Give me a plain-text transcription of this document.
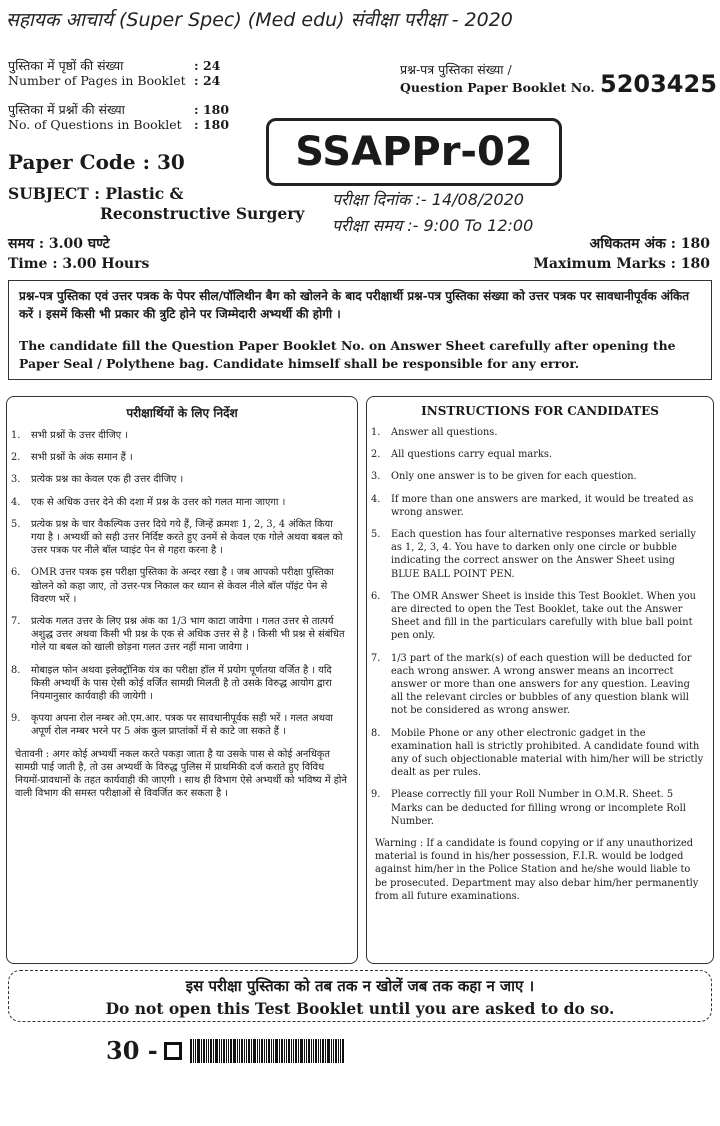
सहायक आचार्य (Super Spec) (Med edu) संवीक्षा परीक्षा - 2020
पुस्तिका में पृष्ठों की संख्या	: 24
Number of Pages in Booklet : 24
पुस्तिका में प्रश्नों की संख्या	: 180
No. of Questions in Booklet : 180
प्रश्न-पत्र पुस्तिका संख्या /
Question Paper Booklet No. 5203425
Paper Code : 30	SSAPPr-02
SUBJECT : Plastic &
Reconstructive Surgery
परीक्षा दिनांक :- 14/08/2020
परीक्षा समय :- 9:00 To 12:00
समय : 3.00 घण्टे
Time : 3.00 Hours
अधिकतम अंक : 180
Maximum Marks : 180

प्रश्न-पत्र पुस्तिका एवं उत्तर पत्रक के पेपर सील/पॉलिथीन बैग को खोलने के बाद परीक्षार्थी प्रश्न-पत्र पुस्तिका संख्या को उत्तर पत्रक पर सावधानीपूर्वक अंकित करें । इसमें किसी भी प्रकार की त्रुटि होने पर जिम्मेदारी अभ्यर्थी की होगी ।

The candidate fill the Question Paper Booklet No. on Answer Sheet carefully after opening the Paper Seal / Polythene bag. Candidate himself shall be responsible for any error.

परीक्षार्थियों के लिए निर्देश
1.	सभी प्रश्नों के उत्तर दीजिए ।
2.	सभी प्रश्नों के अंक समान हैं ।
3.	प्रत्येक प्रश्न का केवल एक ही उत्तर दीजिए ।
4.	एक से अधिक उत्तर देने की दशा में प्रश्न के उत्तर को गलत माना जाएगा ।
5.	प्रत्येक प्रश्न के चार वैकल्पिक उत्तर दिये गये हैं, जिन्हें क्रमशः 1, 2, 3, 4 अंकित किया गया है । अभ्यर्थी को सही उत्तर निर्दिष्ट करते हुए उनमें से केवल एक गोले अथवा बबल को उत्तर पत्रक पर नीले बॉल प्वाइंट पेन से गहरा करना है ।
6.	OMR उत्तर पत्रक इस परीक्षा पुस्तिका के अन्दर रखा है । जब आपको परीक्षा पुस्तिका खोलने को कहा जाए, तो उत्तर-पत्र निकाल कर ध्यान से केवल नीले बॉल पॉइंट पेन से विवरण भरें ।
7.	प्रत्येक गलत उत्तर के लिए प्रश्न अंक का 1/3 भाग काटा जावेगा । गलत उत्तर से तात्पर्य अशुद्ध उत्तर अथवा किसी भी प्रश्न के एक से अधिक उत्तर से है । किसी भी प्रश्न से संबंधित गोले या बबल को खाली छोड़ना गलत उत्तर नहीं माना जावेगा ।
8.	मोबाइल फोन अथवा इलेक्ट्रॉनिक यंत्र का परीक्षा हॉल में प्रयोग पूर्णतया वर्जित है । यदि किसी अभ्यर्थी के पास ऐसी कोई वर्जित सामग्री मिलती है तो उसके विरुद्ध आयोग द्वारा नियमानुसार कार्यवाही की जायेगी ।
9.	कृपया अपना रोल नम्बर ओ.एम.आर. पत्रक पर सावधानीपूर्वक सही भरें । गलत अथवा अपूर्ण रोल नम्बर भरने पर 5 अंक कुल प्राप्तांकों में से काटे जा सकते हैं ।
चेतावनी : अगर कोई अभ्यर्थी नकल करते पकड़ा जाता है या उसके पास से कोई अनधिकृत सामग्री पाई जाती है, तो उस अभ्यर्थी के विरुद्ध पुलिस में प्राथमिकी दर्ज कराते हुए विविध नियमों-प्रावधानों के तहत कार्यवाही की जाएगी । साथ ही विभाग ऐसे अभ्यर्थी को भविष्य में होने वाली विभाग की समस्त परीक्षाओं से विवर्जित कर सकता है ।
INSTRUCTIONS FOR CANDIDATES
1.	Answer all questions.
2.	All questions carry equal marks.
3.	Only one answer is to be given for each question.
4.	If more than one answers are marked, it would be treated as wrong answer.
5.	Each question has four alternative responses marked serially as 1, 2, 3, 4. You have to darken only one circle or bubble indicating the correct answer on the Answer Sheet using BLUE BALL POINT PEN.
6.	The OMR Answer Sheet is inside this Test Booklet. When you are directed to open the Test Booklet, take out the Answer Sheet and fill in the particulars carefully with blue ball point pen only.
7.	1/3 part of the mark(s) of each question will be deducted for each wrong answer. A wrong answer means an incorrect answer or more than one answers for any question. Leaving all the relevant circles or bubbles of any question blank will not be considered as wrong answer.
8.	Mobile Phone or any other electronic gadget in the examination hall is strictly prohibited. A candidate found with any of such objectionable material with him/her will be strictly dealt as per rules.
9.	Please correctly fill your Roll Number in O.M.R. Sheet. 5 Marks can be deducted for filling wrong or incomplete Roll Number.
Warning : If a candidate is found copying or if any unauthorized material is found in his/her possession, F.I.R. would be lodged against him/her in the Police Station and he/she would liable to be prosecuted. Department may also debar him/her permanently from all future examinations.
इस परीक्षा पुस्तिका को तब तक न खोलें जब तक कहा न जाए ।
Do not open this Test Booklet until you are asked to do so.
30 -
